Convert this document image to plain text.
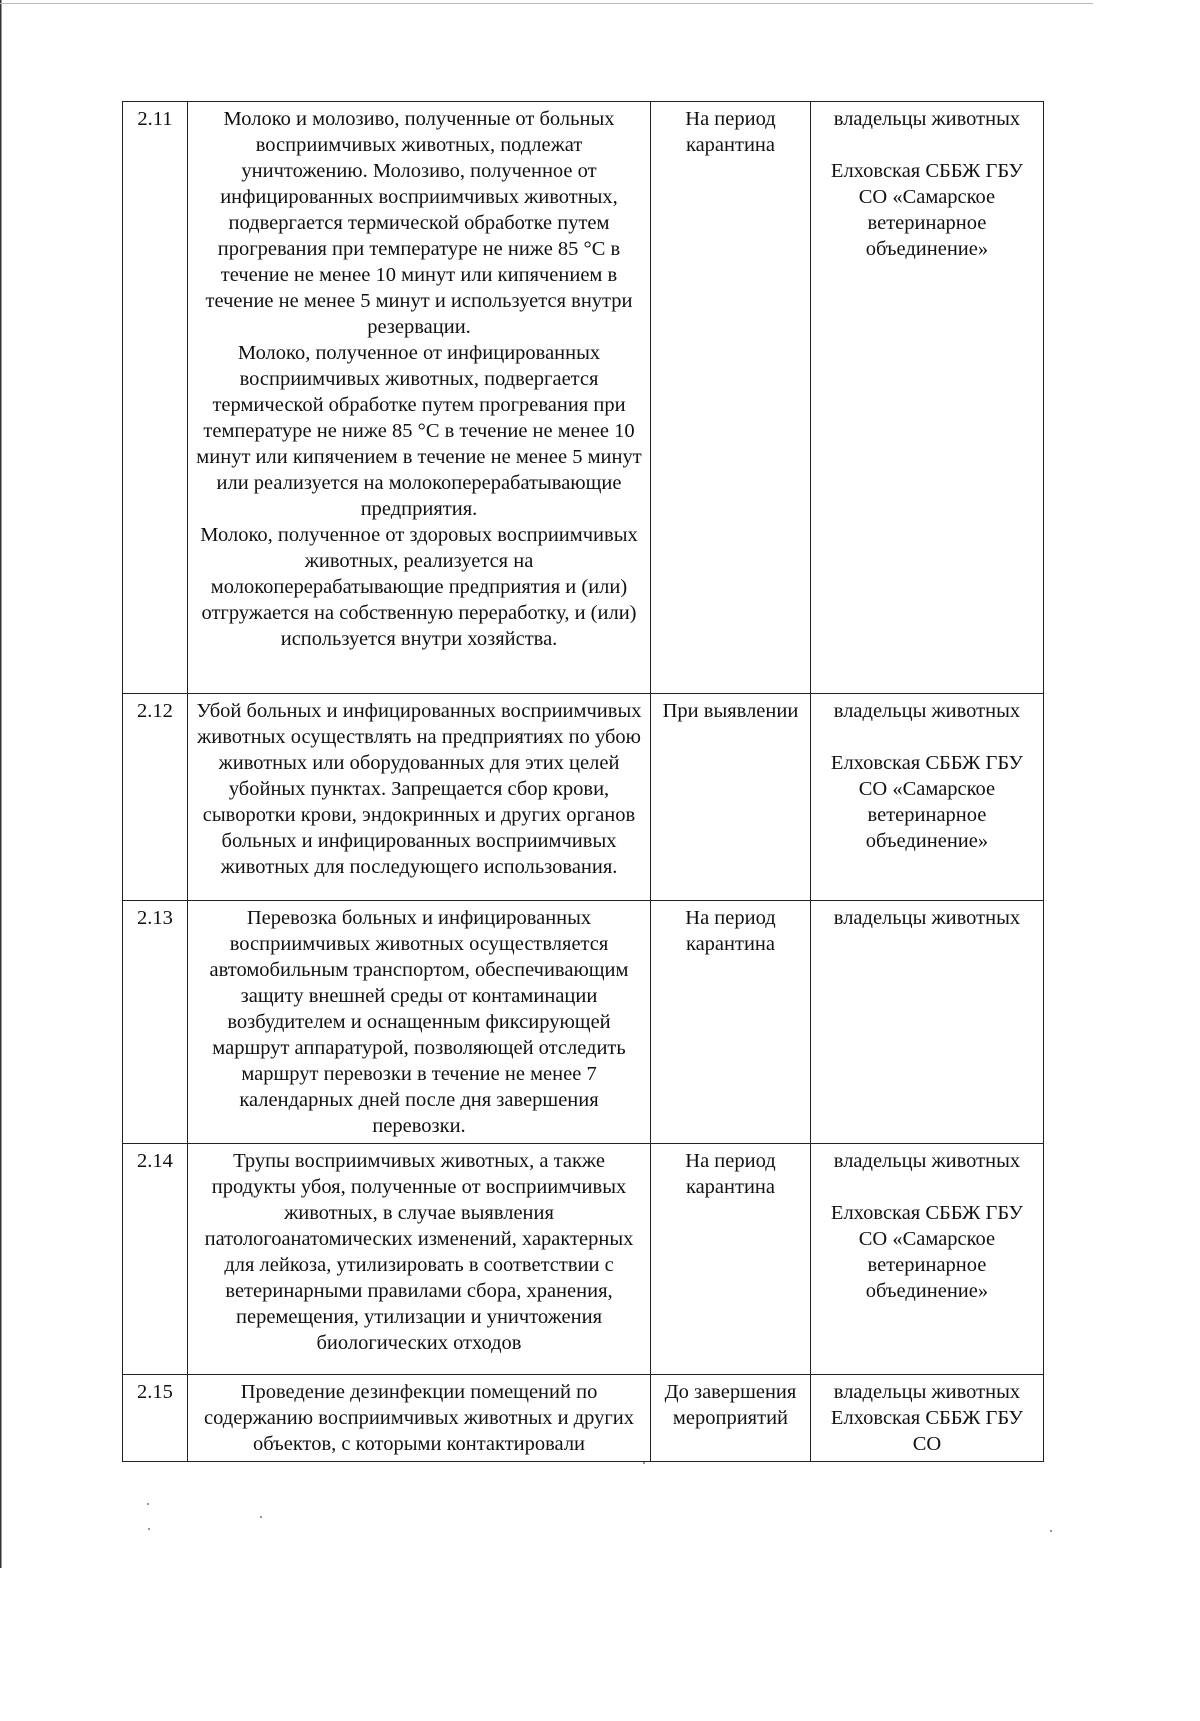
2.11	Молоко и молозиво, полученные от больных восприимчивых животных, подлежат уничтожению. Молозиво, полученное от инфицированных восприимчивых животных, подвергается термической обработке путем прогревания при температуре не ниже 85 °С в течение не менее 10 минут или кипячением в течение не менее 5 минут и используется внутри резервации.
Молоко, полученное от инфицированных восприимчивых животных, подвергается термической обработке путем прогревания при температуре не ниже 85 °С в течение не менее 10 минут или кипячением в течение не менее 5 минут или реализуется на молокоперерабатывающие предприятия.
Молоко, полученное от здоровых восприимчивых животных, реализуется на молокоперерабатывающие предприятия и (или) отгружается на собственную переработку, и (или) используется внутри хозяйства.	На период карантина	владельцы животных
Елховская СББЖ ГБУ СО «Самарское ветеринарное объединение»

2.12	Убой больных и инфицированных восприимчивых животных осуществлять на предприятиях по убою животных или оборудованных для этих целей убойных пунктах. Запрещается сбор крови, сыворотки крови, эндокринных и других органов больных и инфицированных восприимчивых животных для последующего использования.	При выявлении	владельцы животных
Елховская СББЖ ГБУ СО «Самарское ветеринарное объединение»

2.13	Перевозка больных и инфицированных восприимчивых животных осуществляется автомобильным транспортом, обеспечивающим защиту внешней среды от контаминации возбудителем и оснащенным фиксирующей маршрут аппаратурой, позволяющей отследить маршрут перевозки в течение не менее 7 календарных дней после дня завершения перевозки.	На период карантина	владельцы животных

2.14	Трупы восприимчивых животных, а также продукты убоя, полученные от восприимчивых животных, в случае выявления патологоанатомических изменений, характерных для лейкоза, утилизировать в соответствии с ветеринарными правилами сбора, хранения, перемещения, утилизации и уничтожения биологических отходов	На период карантина	владельцы животных
Елховская СББЖ ГБУ СО «Самарское ветеринарное объединение»

2.15	Проведение дезинфекции помещений по содержанию восприимчивых животных и других объектов, с которыми контактировали	До завершения мероприятий	владельцы животных
Елховская СББЖ ГБУ СО
